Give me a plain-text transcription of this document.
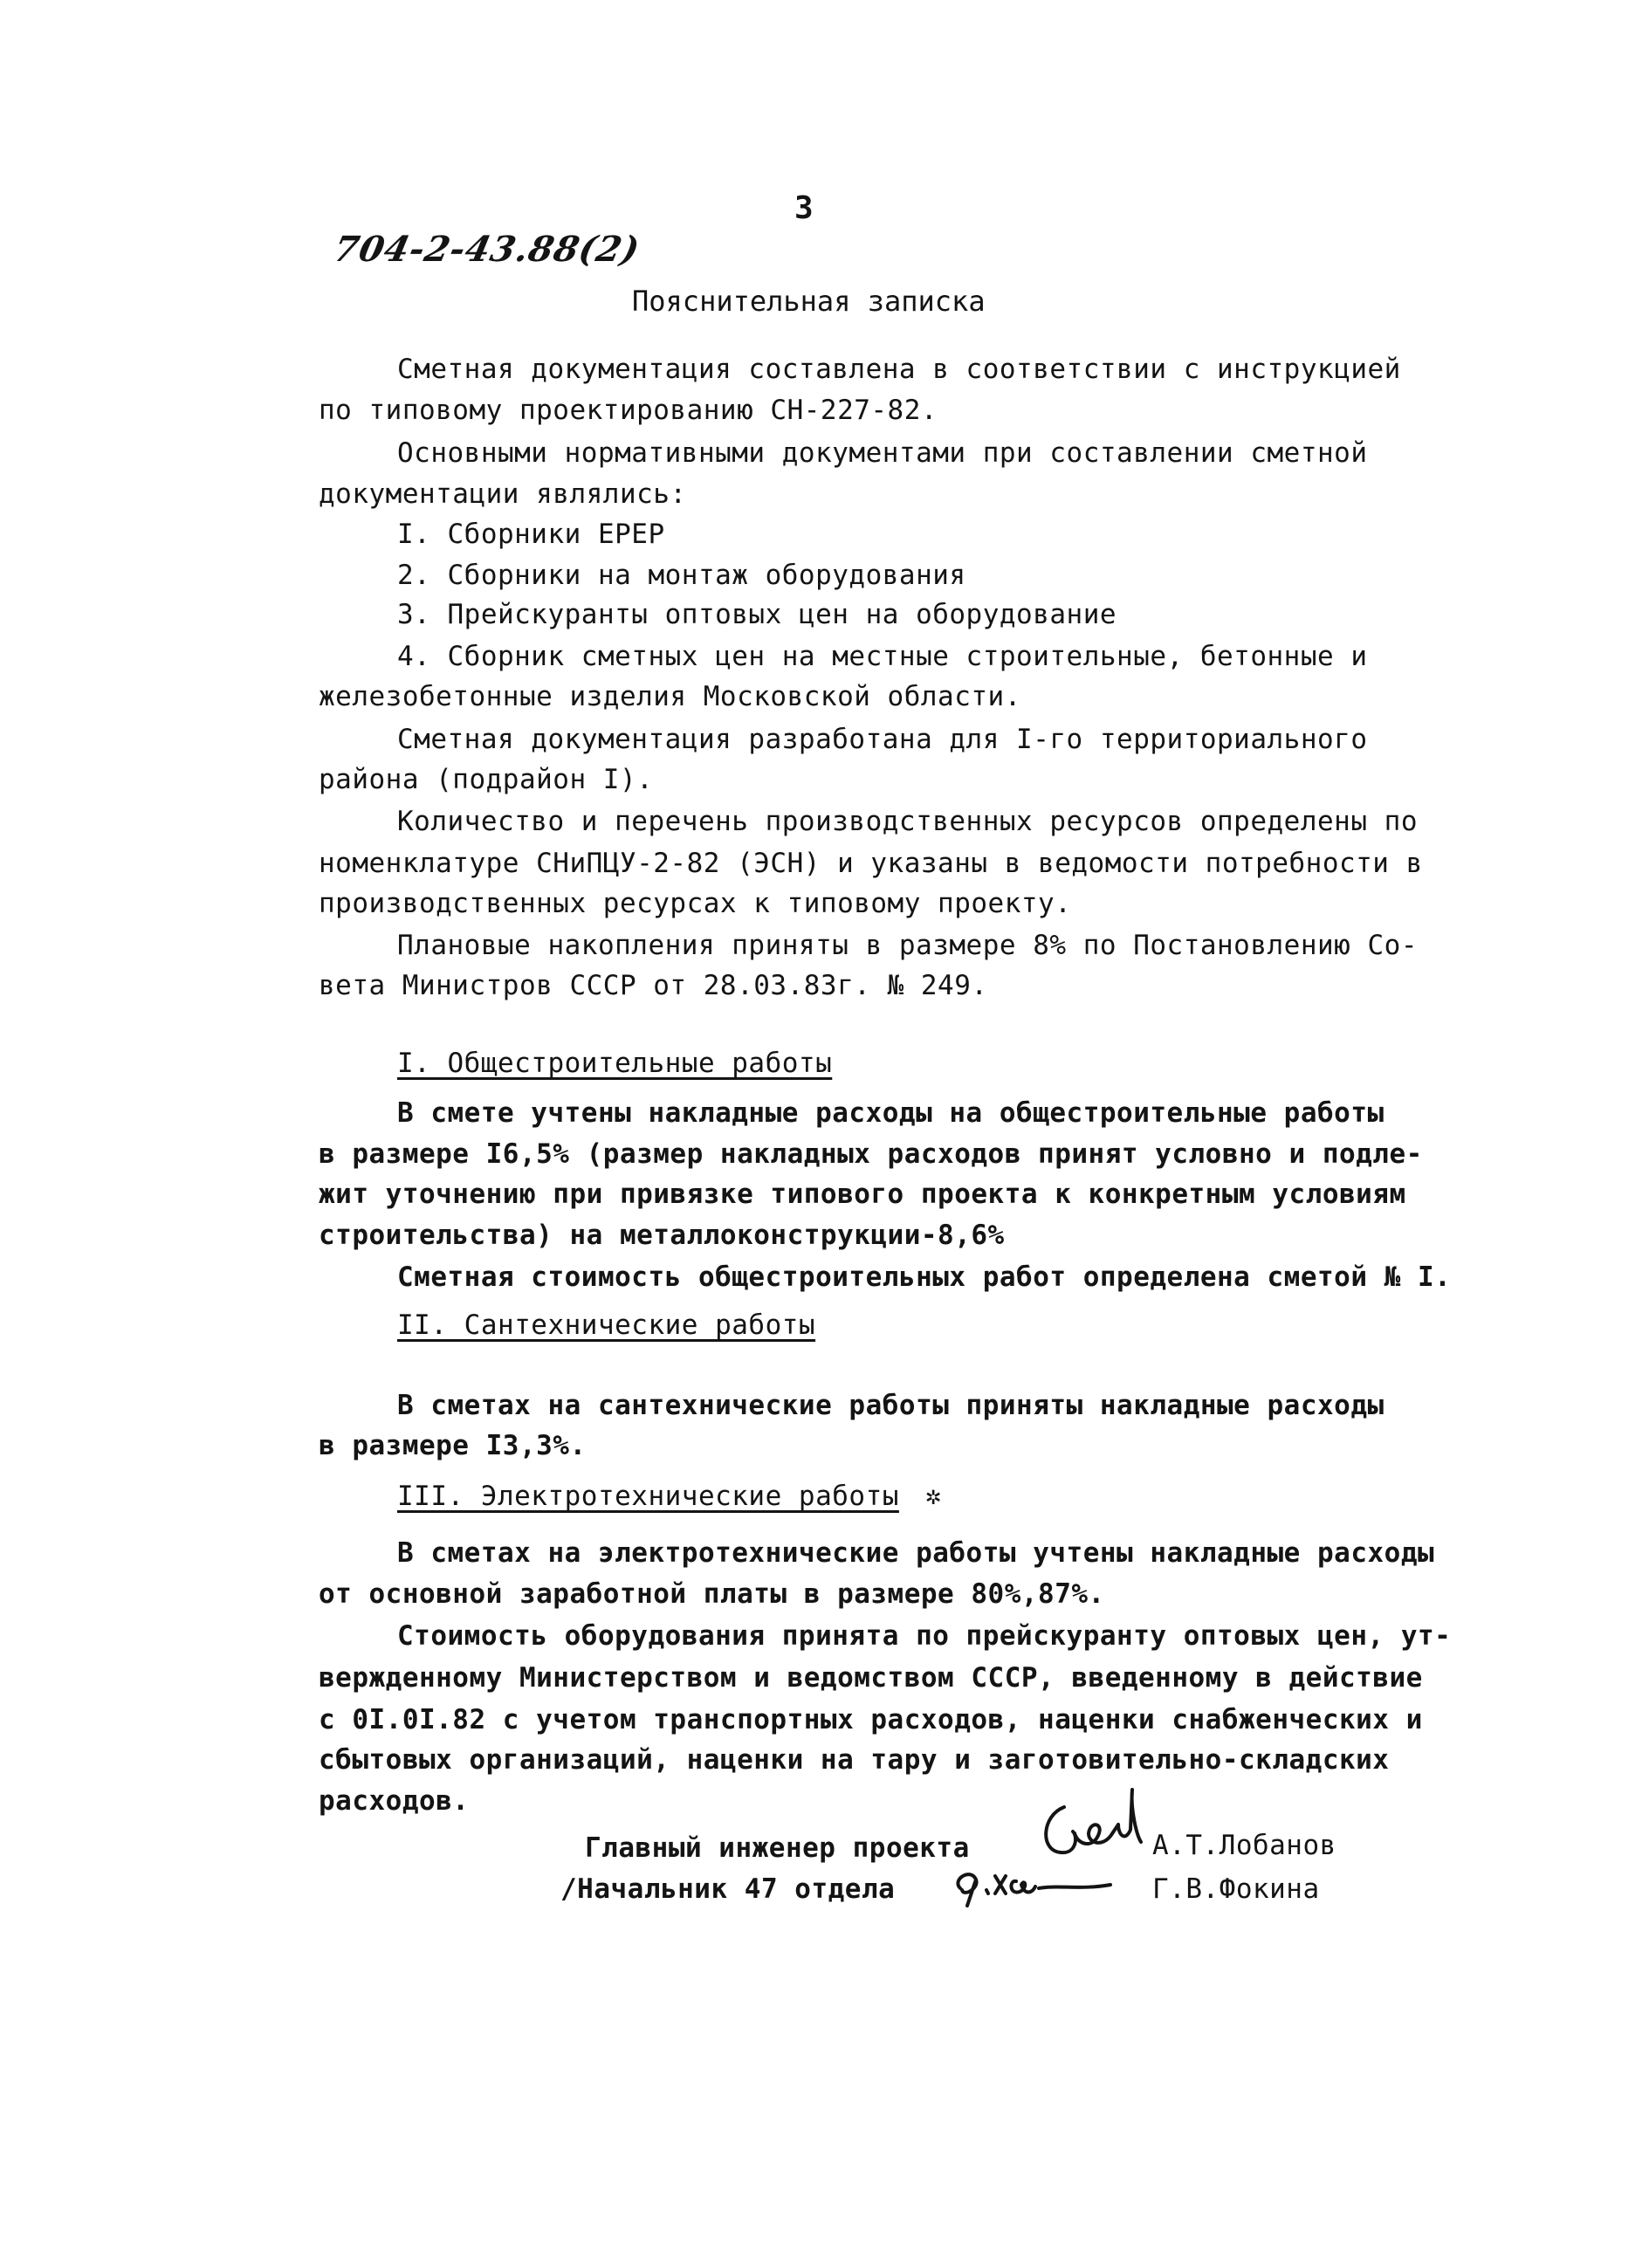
3
704-2-43.88(2)
Пояснительная записка
Сметная документация составлена в соответствии с инструкцией
по типовому проектированию СН-227-82.
Основными нормативными документами при составлении сметной
документации являлись:
I. Сборники ЕРЕР
2. Сборники на монтаж оборудования
3. Прейскуранты оптовых цен на оборудование
4. Сборник сметных цен на местные строительные, бетонные и
железобетонные изделия Московской области.
Сметная документация разработана для I-го территориального
района (подрайон I).
Количество и перечень производственных ресурсов определены по
номенклатуре СНиПЦУ-2-82 (ЭСН) и указаны в ведомости потребности в
производственных ресурсах к типовому проекту.
Плановые накопления приняты в размере 8% по Постановлению Со-
вета Министров СССР от 28.03.83г. № 249.
I. Общестроительные работы
В смете учтены накладные расходы на общестроительные работы
в размере I6,5% (размер накладных расходов принят условно и подле-
жит уточнению при привязке типового проекта к конкретным условиям
строительства) на металлоконструкции-8,6%
Сметная стоимость общестроительных работ определена сметой № I.
II. Сантехнические работы
В сметах на сантехнические работы приняты накладные расходы
в размере I3,3%.
III. Электротехнические работы ✲
В сметах на электротехнические работы учтены накладные расходы
от основной заработной платы в размере 80%,87%.
Стоимость оборудования принята по прейскуранту оптовых цен, ут-
вержденному Министерством и ведомством СССР, введенному в действие
с 0I.0I.82 с учетом транспортных расходов, наценки снабженческих и
сбытовых организаций, наценки на тару и заготовительно-складских
расходов.
Главный инженер проекта	А.Т.Лобанов
/Начальник 47 отдела	Г.В.Фокина
